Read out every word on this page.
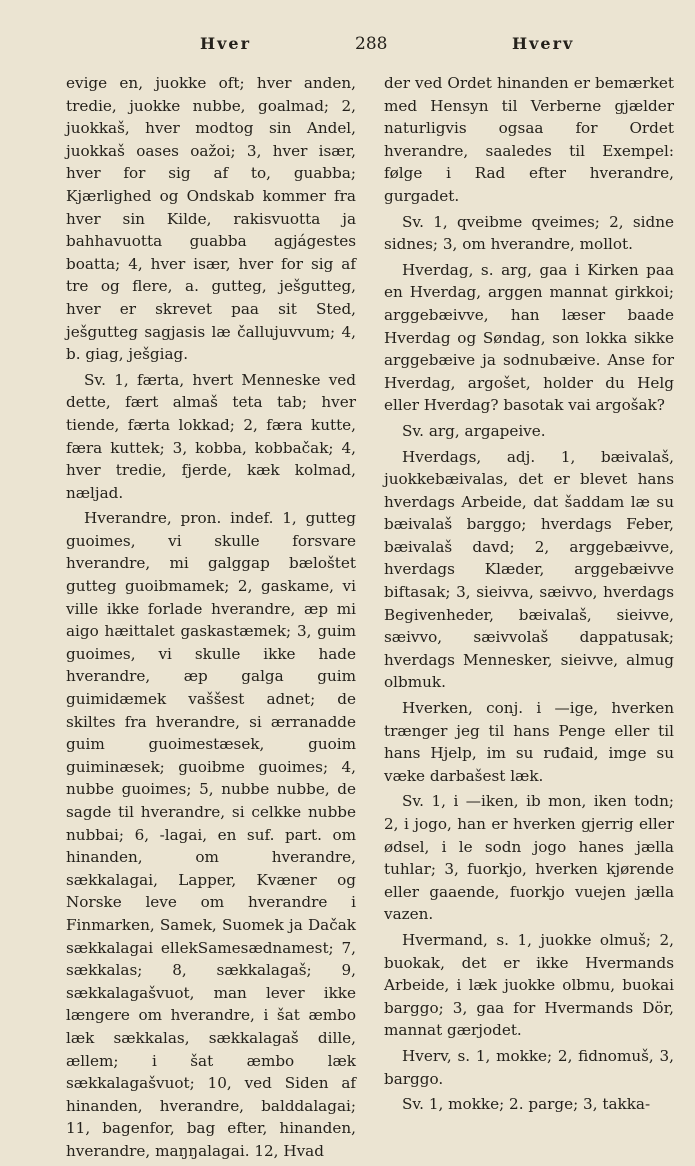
Hver	288	Hverv

evige en, juokke oft; hver anden, tredie, juokke nubbe, goalmad; 2, juokkaš, hver modtog sin Andel, juokkaš oases oažoi; 3, hver især, hver for sig af to, guabba; Kjærlighed og Ondskab kommer fra hver sin Kilde, rakisvuotta ja bahhavuotta guabba agjágestes boatta; 4, hver især, hver for sig af tre og flere, a. gutteg, ješgutteg, hver er skrevet paa sit Sted, ješgutteg sagjasis læ čallujuvvum; 4, b. giag, ješgiag.

Sv. 1, færta, hvert Menneske ved dette, fært almaš teta tab; hver tiende, færta lokkad; 2, færa kutte, færa kuttek; 3, kobba, kobbačak; 4, hver tredie, fjerde, kæk kolmad, næljad.

Hverandre, pron. indef. 1, gutteg guoimes, vi skulle forsvare hverandre, mi galggap bæloštet gutteg guoibmamek; 2, gaskame, vi ville ikke forlade hverandre, æp mi aigo hæittalet gaskastæmek; 3, guim guoimes, vi skulle ikke hade hverandre, æp galga guim guimidæmek vaššest adnet; de skiltes fra hverandre, si ærranadde guim guoimestæsek, guoim guiminæsek; guoibme guoimes; 4, nubbe guoimes; 5, nubbe nubbe, de sagde til hverandre, si celkke nubbe nubbai; 6, -lagai, en suf. part. om hinanden, om hverandre, sækkalagai, Lapper, Kvæner og Norske leve om hverandre i Finmarken, Samek, Suomek ja Dačak sækkalagai ellekSamesædnamest; 7, sækkalas; 8, sækkalagaš; 9, sækkalagašvuot, man lever ikke længere om hverandre, i šat æmbo læk sækkalas, sækkalagaš dille, ællem; i šat æmbo læk sækkalagašvuot; 10, ved Siden af hinanden, hverandre, balddalagai; 11, bagenfor, bag efter, hinanden, hverandre, maŋŋalagai. 12, Hvad

der ved Ordet hinanden er bemærket med Hensyn til Verberne gjælder naturligvis ogsaa for Ordet hverandre, saaledes til Exempel: følge i Rad efter hverandre, gurgadet.

Sv. 1, qveibme qveimes; 2, sidne sidnes; 3, om hverandre, mollot.

Hverdag, s. arg, gaa i Kirken paa en Hverdag, arggen mannat girkkoi; arggebæivve, han læser baade Hverdag og Søndag, son lokka sikke arggebæive ja sodnubæive. Anse for Hverdag, argošet, holder du Helg eller Hverdag? basotak vai argošak?

Sv. arg, argapeive.

Hverdags, adj. 1, bæivalaš, juokkebæivalas, det er blevet hans hverdags Arbeide, dat šaddam læ su bæivalaš barggo; hverdags Feber, bæivalaš davd; 2, arggebæivve, hverdags Klæder, arggebæivve biftasak; 3, sieivva, sæivvo, hverdags Begivenheder, bæivalaš, sieivve, sæivvo, sæivvolaš dappatusak; hverdags Mennesker, sieivve, almug olbmuk.

Hverken, conj. i —ige, hverken trænger jeg til hans Penge eller til hans Hjelp, im su ruđaid, imge su væke darbašest læk.

Sv. 1, i —iken, ib mon, iken todn; 2, i jogo, han er hverken gjerrig eller ødsel, i le sodn jogo hanes jælla tuhlar; 3, fuorkjo, hverken kjørende eller gaaende, fuorkjo vuejen jælla vazen.

Hvermand, s. 1, juokke olmuš; 2, buokak, det er ikke Hvermands Arbeide, i læk juokke olbmu, buokai barggo; 3, gaa for Hvermands Dör, mannat gærjodet.

Hverv, s. 1, mokke; 2, fidnomuš, 3, barggo.

Sv. 1, mokke; 2. parge; 3, takka-
